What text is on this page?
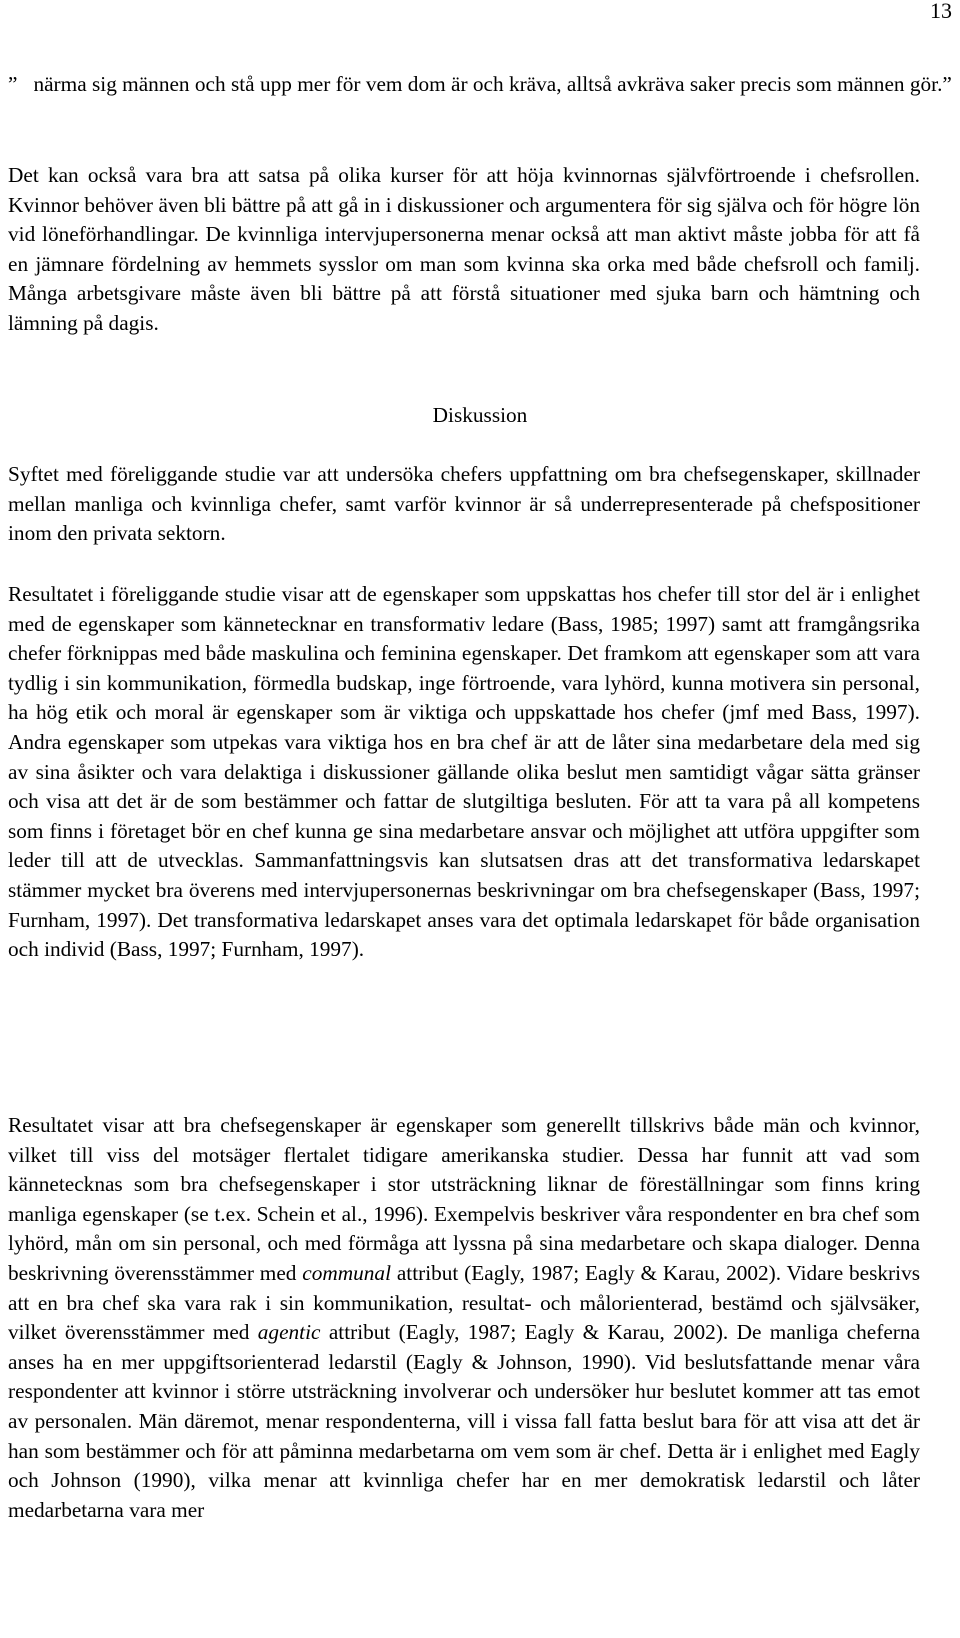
13
” närma sig männen och stå upp mer för vem dom är och kräva, alltså avkräva saker precis som männen gör.”
Det kan också vara bra att satsa på olika kurser för att höja kvinnornas självförtroende i chefsrollen. Kvinnor behöver även bli bättre på att gå in i diskussioner och argumentera för sig själva och för högre lön vid löneförhandlingar. De kvinnliga intervjupersonerna menar också att man aktivt måste jobba för att få en jämnare fördelning av hemmets sysslor om man som kvinna ska orka med både chefsroll och familj. Många arbetsgivare måste även bli bättre på att förstå situationer med sjuka barn och hämtning och lämning på dagis.
Diskussion
Syftet med föreliggande studie var att undersöka chefers uppfattning om bra chefsegenskaper, skillnader mellan manliga och kvinnliga chefer, samt varför kvinnor är så underrepresenterade på chefspositioner inom den privata sektorn.
Resultatet i föreliggande studie visar att de egenskaper som uppskattas hos chefer till stor del är i enlighet med de egenskaper som kännetecknar en transformativ ledare (Bass, 1985; 1997) samt att framgångsrika chefer förknippas med både maskulina och feminina egenskaper. Det framkom att egenskaper som att vara tydlig i sin kommunikation, förmedla budskap, inge förtroende, vara lyhörd, kunna motivera sin personal, ha hög etik och moral är egenskaper som är viktiga och uppskattade hos chefer (jmf med Bass, 1997). Andra egenskaper som utpekas vara viktiga hos en bra chef är att de låter sina medarbetare dela med sig av sina åsikter och vara delaktiga i diskussioner gällande olika beslut men samtidigt vågar sätta gränser och visa att det är de som bestämmer och fattar de slutgiltiga besluten. För att ta vara på all kompetens som finns i företaget bör en chef kunna ge sina medarbetare ansvar och möjlighet att utföra uppgifter som leder till att de utvecklas. Sammanfattningsvis kan slutsatsen dras att det transformativa ledarskapet stämmer mycket bra överens med intervjupersonernas beskrivningar om bra chefsegenskaper (Bass, 1997; Furnham, 1997). Det transformativa ledarskapet anses vara det optimala ledarskapet för både organisation och individ (Bass, 1997; Furnham, 1997).
Resultatet visar att bra chefsegenskaper är egenskaper som generellt tillskrivs både män och kvinnor, vilket till viss del motsäger flertalet tidigare amerikanska studier. Dessa har funnit att vad som kännetecknas som bra chefsegenskaper i stor utsträckning liknar de föreställningar som finns kring manliga egenskaper (se t.ex. Schein et al., 1996). Exempelvis beskriver våra respondenter en bra chef som lyhörd, mån om sin personal, och med förmåga att lyssna på sina medarbetare och skapa dialoger. Denna beskrivning överensstämmer med communal attribut (Eagly, 1987; Eagly & Karau, 2002). Vidare beskrivs att en bra chef ska vara rak i sin kommunikation, resultat- och målorienterad, bestämd och självsäker, vilket överensstämmer med agentic attribut (Eagly, 1987; Eagly & Karau, 2002). De manliga cheferna anses ha en mer uppgiftsorienterad ledarstil (Eagly & Johnson, 1990). Vid beslutsfattande menar våra respondenter att kvinnor i större utsträckning involverar och undersöker hur beslutet kommer att tas emot av personalen. Män däremot, menar respondenterna, vill i vissa fall fatta beslut bara för att visa att det är han som bestämmer och för att påminna medarbetarna om vem som är chef. Detta är i enlighet med Eagly och Johnson (1990), vilka menar att kvinnliga chefer har en mer demokratisk ledarstil och låter medarbetarna vara mer
